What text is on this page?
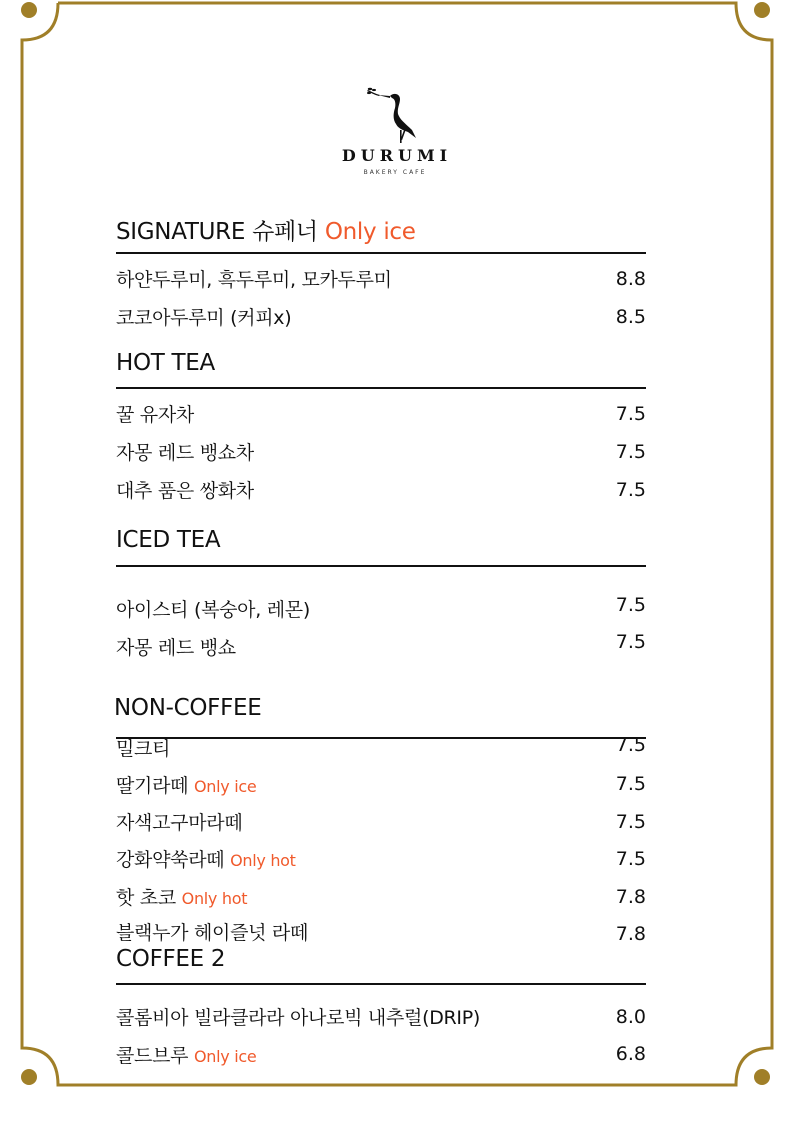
DURUMI
BAKERY CAFE
SIGNATURE 슈페너 Only ice
하얀두루미, 흑두루미, 모카두루미	8.8
코코아두루미 (커피x)	8.5
HOT TEA
꿀 유자차	7.5
자몽 레드 뱅쇼차	7.5
대추 품은 쌍화차	7.5
ICED TEA
아이스티 (복숭아, 레몬)	7.5
자몽 레드 뱅쇼	7.5
NON-COFFEE
밀크티	7.5
딸기라떼 Only ice	7.5
자색고구마라떼	7.5
강화약쑥라떼 Only hot	7.5
핫 초코 Only hot	7.8
블랙누가 헤이즐넛 라떼	7.8
COFFEE 2
콜롬비아 빌라클라라 아나로빅 내추럴(DRIP)	8.0
콜드브루 Only ice	6.8
